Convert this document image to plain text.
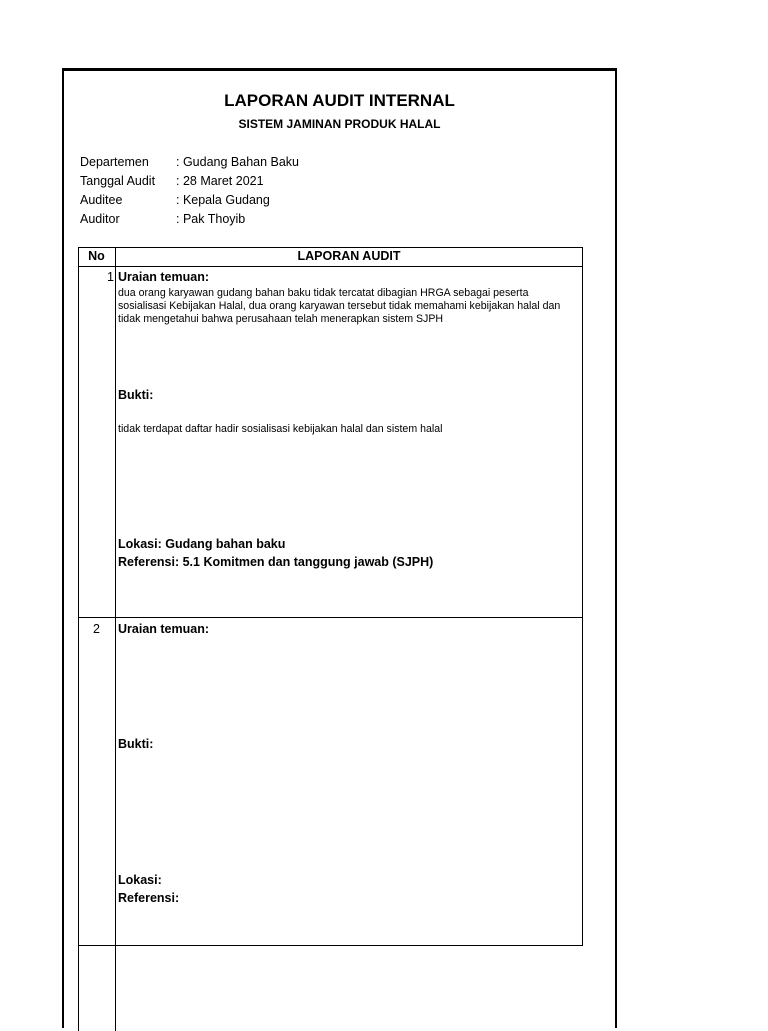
LAPORAN AUDIT INTERNAL
SISTEM JAMINAN PRODUK HALAL
Departemen : Gudang Bahan Baku
Tanggal Audit : 28 Maret 2021
Auditee	: Kepala Gudang
Auditor	: Pak Thoyib
No	LAPORAN AUDIT
1 Uraian temuan:
dua orang karyawan gudang bahan baku tidak tercatat dibagian HRGA sebagai peserta sosialisasi Kebijakan Halal, dua orang karyawan tersebut tidak memahami kebijakan halal dan tidak mengetahui bahwa perusahaan telah menerapkan sistem SJPH
Bukti:
tidak terdapat daftar hadir sosialisasi kebijakan halal dan sistem halal
Lokasi: Gudang bahan baku
Referensi: 5.1 Komitmen dan tanggung jawab (SJPH)
2	Uraian temuan:
Bukti:
Lokasi:
Referensi:
